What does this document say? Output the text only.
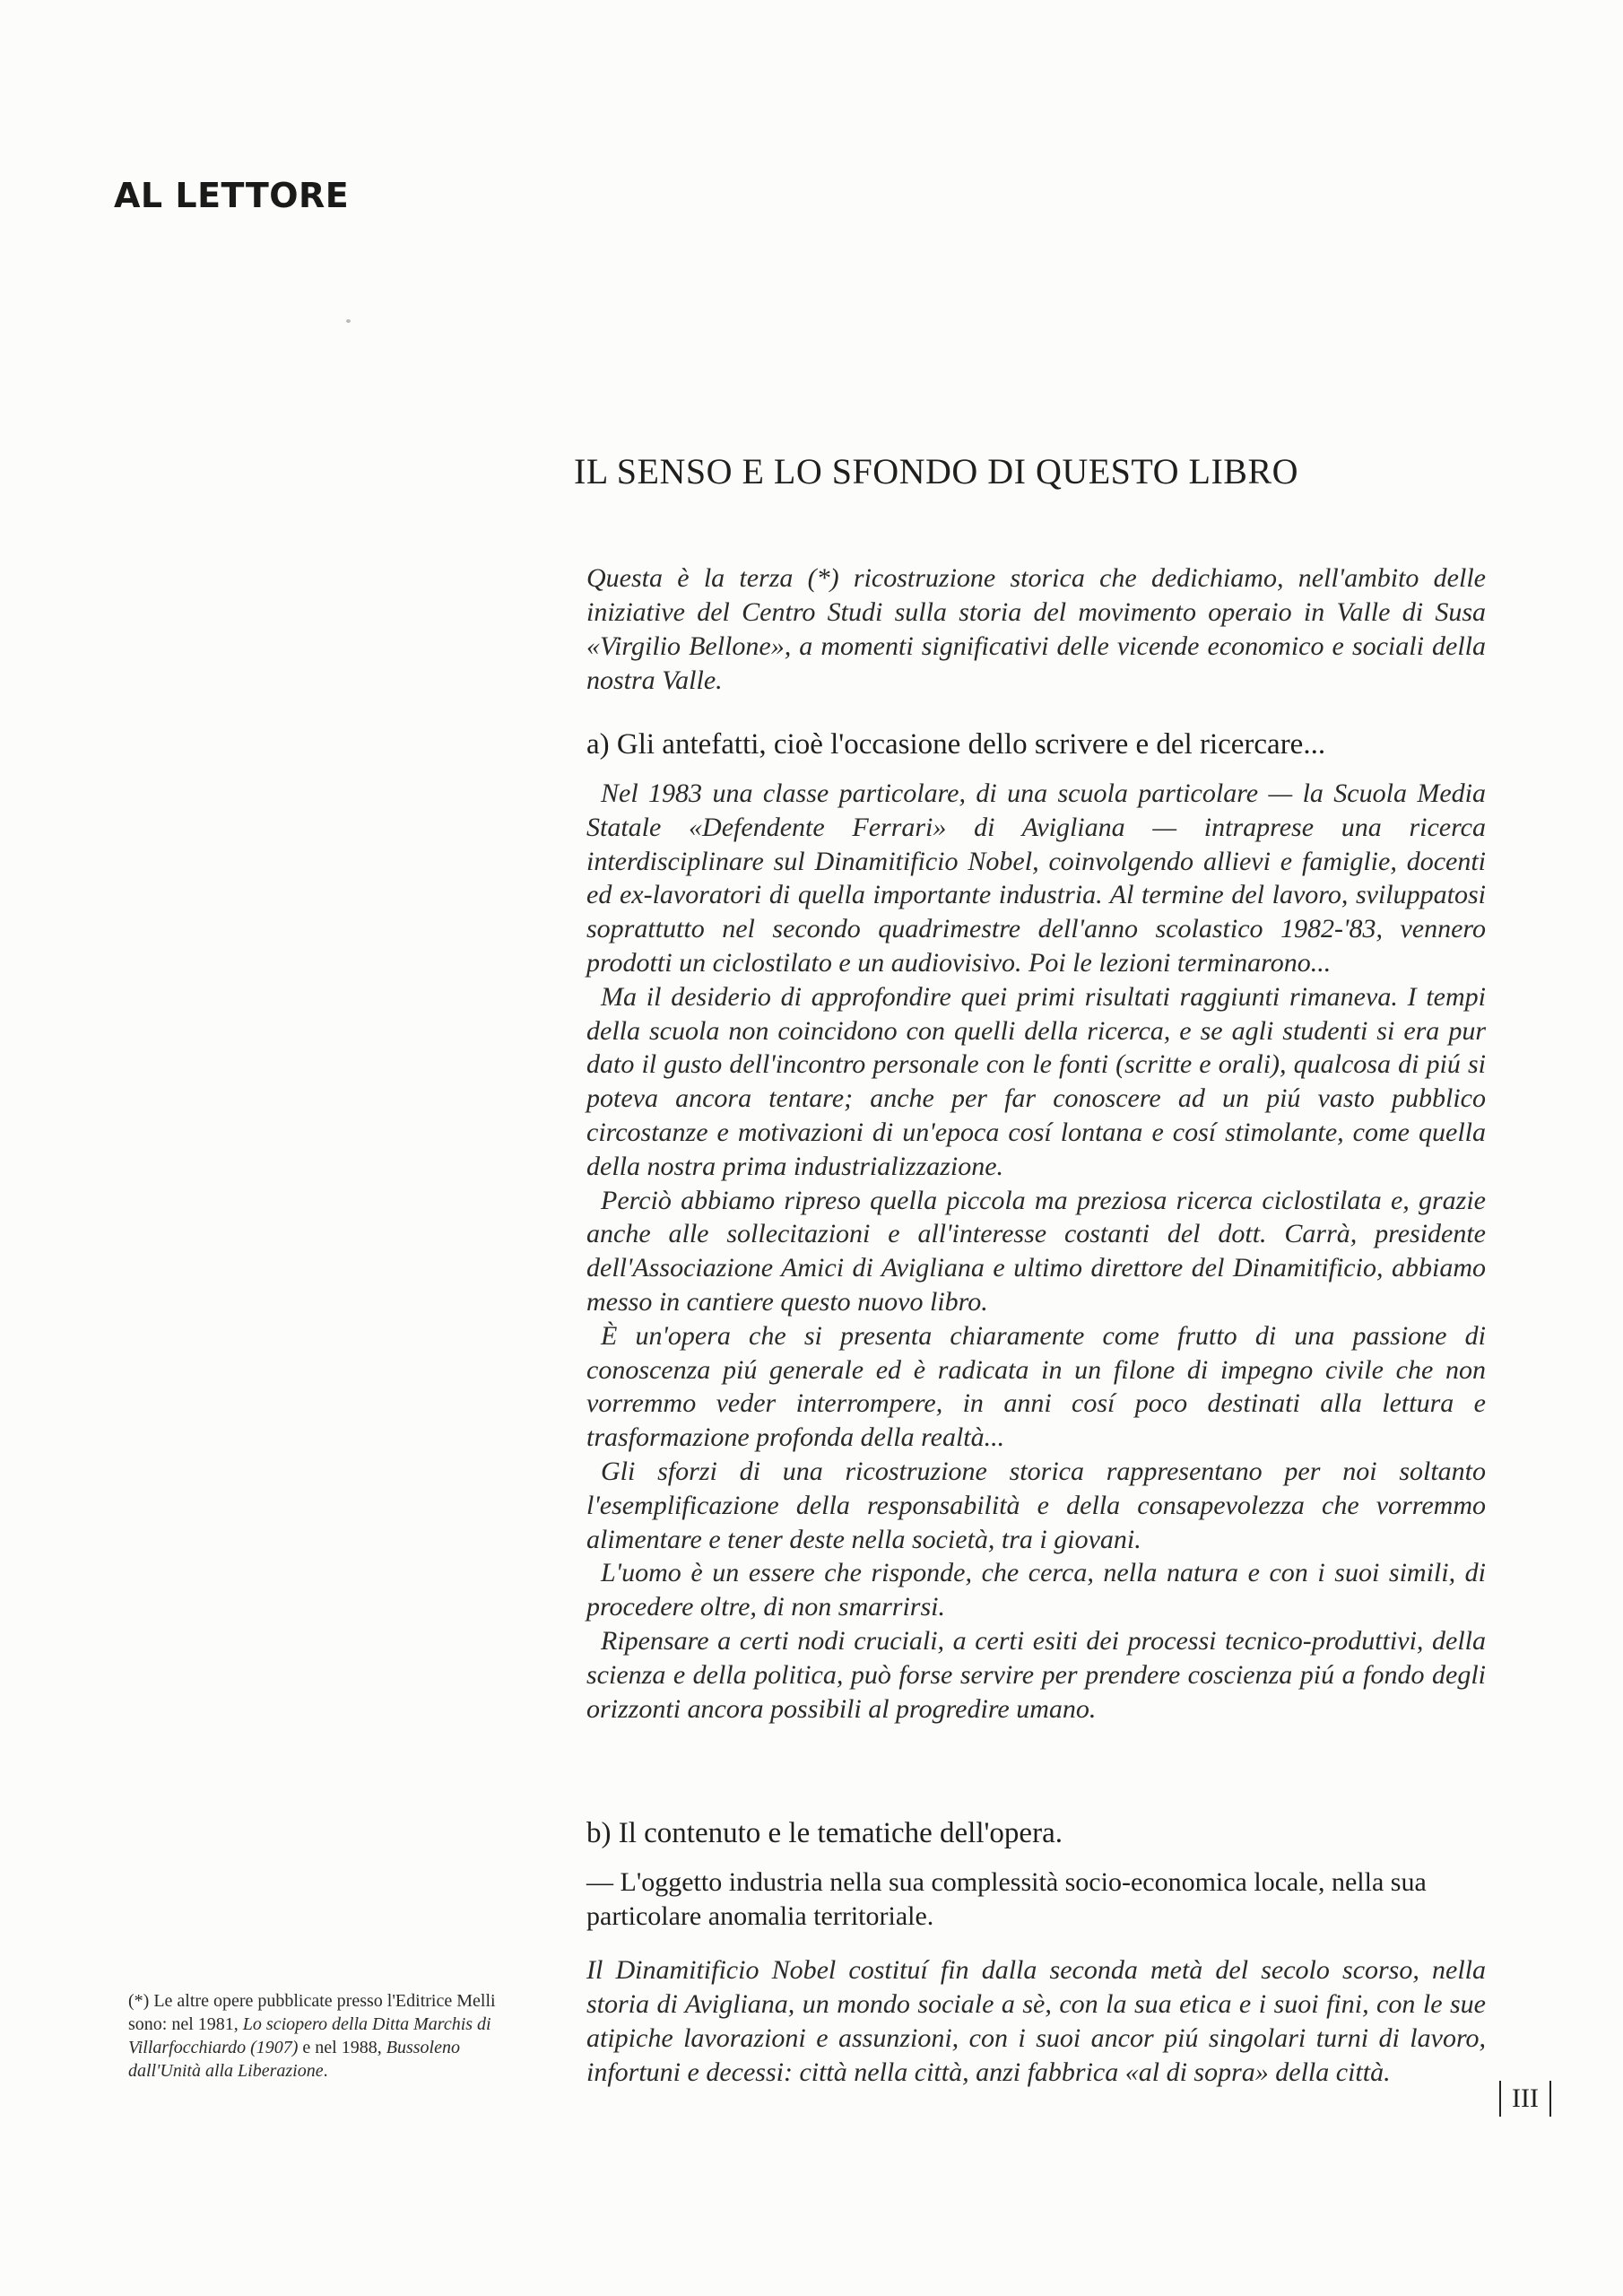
AL LETTORE
IL SENSO E LO SFONDO DI QUESTO LIBRO

Questa è la terza (*) ricostruzione storica che dedichiamo, nell'ambito delle iniziative del Centro Studi sulla storia del movimento operaio in Valle di Susa «Virgilio Bellone», a momenti significativi delle vicende economico e sociali della nostra Valle.

a) Gli antefatti, cioè l'occasione dello scrivere e del ricercare...

Nel 1983 una classe particolare, di una scuola particolare — la Scuola Media Statale «Defendente Ferrari» di Avigliana — intraprese una ricerca interdisciplinare sul Dinamitificio Nobel, coinvolgendo allievi e famiglie, docenti ed ex-lavoratori di quella importante industria. Al termine del lavoro, sviluppatosi soprattutto nel secondo quadrimestre dell'anno scolastico 1982-'83, vennero prodotti un ciclostilato e un audiovisivo. Poi le lezioni terminarono...

Ma il desiderio di approfondire quei primi risultati raggiunti rimaneva. I tempi della scuola non coincidono con quelli della ricerca, e se agli studenti si era pur dato il gusto dell'incontro personale con le fonti (scritte e orali), qualcosa di piú si poteva ancora tentare; anche per far conoscere ad un piú vasto pubblico circostanze e motivazioni di un'epoca cosí lontana e cosí stimolante, come quella della nostra prima industrializzazione.

Perciò abbiamo ripreso quella piccola ma preziosa ricerca ciclostilata e, grazie anche alle sollecitazioni e all'interesse costanti del dott. Carrà, presidente dell'Associazione Amici di Avigliana e ultimo direttore del Dinamitificio, abbiamo messo in cantiere questo nuovo libro.

È un'opera che si presenta chiaramente come frutto di una passione di conoscenza piú generale ed è radicata in un filone di impegno civile che non vorremmo veder interrompere, in anni cosí poco destinati alla lettura e trasformazione profonda della realtà...

Gli sforzi di una ricostruzione storica rappresentano per noi soltanto l'esemplificazione della responsabilità e della consapevolezza che vorremmo alimentare e tener deste nella società, tra i giovani.

L'uomo è un essere che risponde, che cerca, nella natura e con i suoi simili, di procedere oltre, di non smarrirsi.

Ripensare a certi nodi cruciali, a certi esiti dei processi tecnico-produttivi, della scienza e della politica, può forse servire per prendere coscienza piú a fondo degli orizzonti ancora possibili al progredire umano.

b) Il contenuto e le tematiche dell'opera.

— L'oggetto industria nella sua complessità socio-economica locale, nella sua particolare anomalia territoriale.

Il Dinamitificio Nobel costituí fin dalla seconda metà del secolo scorso, nella storia di Avigliana, un mondo sociale a sè, con la sua etica e i suoi fini, con le sue atipiche lavorazioni e assunzioni, con i suoi ancor piú singolari turni di lavoro, infortuni e decessi: città nella città, anzi fabbrica «al di sopra» della città.

(*) Le altre opere pubblicate presso l'Editrice Melli sono: nel 1981, Lo sciopero della Ditta Marchis di Villarfocchiardo (1907) e nel 1988, Bussoleno dall'Unità alla Liberazione.

III
